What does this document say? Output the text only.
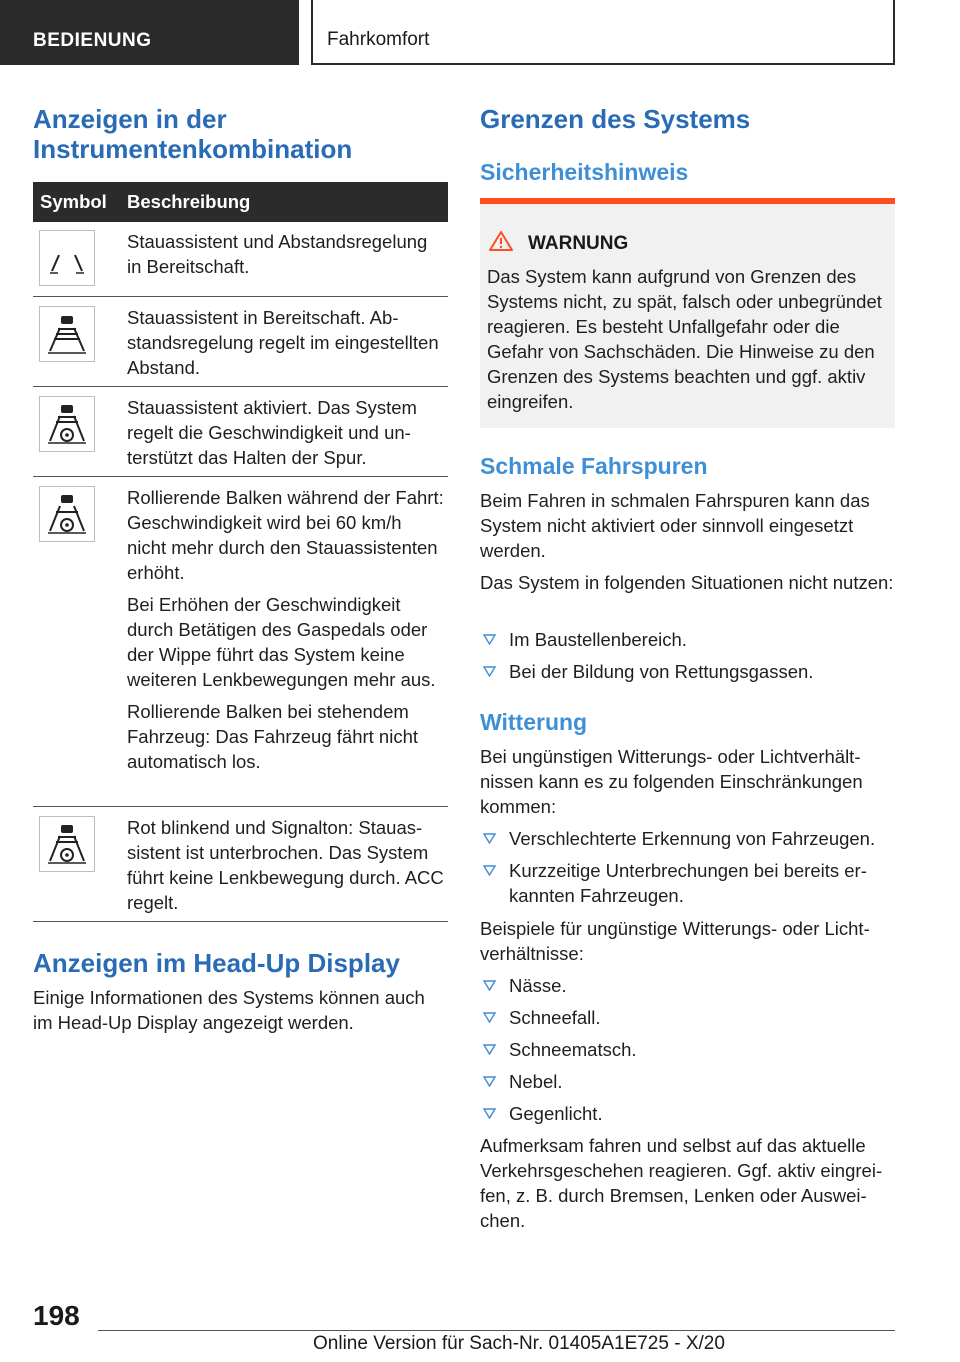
BEDIENUNG	Fahrkomfort
Anzeigen in der
Instrumentenkombination
Symbol Beschreibung

Stauassistent und Abstandsregelung in Bereitschaft.

Stauassistent in Bereitschaft. Abstandsregelung regelt im eingestellten Abstand.

Stauassistent aktiviert. Das System regelt die Geschwindigkeit und unterstützt das Halten der Spur.

Rollierende Balken während der Fahrt: Geschwindigkeit wird bei 60 km/h nicht mehr durch den Stauassistenten erhöht.

Bei Erhöhen der Geschwindigkeit durch Betätigen des Gaspedals oder der Wippe führt das System keine weiteren Lenkbewegungen mehr aus.

Rollierende Balken bei stehendem Fahrzeug: Das Fahrzeug fährt nicht automatisch los.

Rot blinkend und Signalton: Stauassistent ist unterbrochen. Das System führt keine Lenkbewegung durch. ACC regelt.

Anzeigen im Head-Up Display
Einige Informationen des Systems können auch im Head-Up Display angezeigt werden.
Grenzen des Systems
Sicherheitshinweis
WARNUNG
Das System kann aufgrund von Grenzen des Systems nicht, zu spät, falsch oder unbegründet reagieren. Es besteht Unfallgefahr oder die Gefahr von Sachschäden. Die Hinweise zu den Grenzen des Systems beachten und ggf. aktiv eingreifen.
Schmale Fahrspuren
Beim Fahren in schmalen Fahrspuren kann das System nicht aktiviert oder sinnvoll eingesetzt werden.
Das System in folgenden Situationen nicht nutzen:
Im Baustellenbereich.
Bei der Bildung von Rettungsgassen.
Witterung
Bei ungünstigen Witterungs- oder Lichtverhältnissen kann es zu folgenden Einschränkungen kommen:
Verschlechterte Erkennung von Fahrzeugen.
Kurzzeitige Unterbrechungen bei bereits erkannten Fahrzeugen.
Beispiele für ungünstige Witterungs- oder Lichtverhältnisse:
Nässe.
Schneefall.
Schneematsch.
Nebel.
Gegenlicht.
Aufmerksam fahren und selbst auf das aktuelle Verkehrsgeschehen reagieren. Ggf. aktiv eingreifen, z. B. durch Bremsen, Lenken oder Ausweichen.
198
Online Version für Sach-Nr. 01405A1E725 - X/20
